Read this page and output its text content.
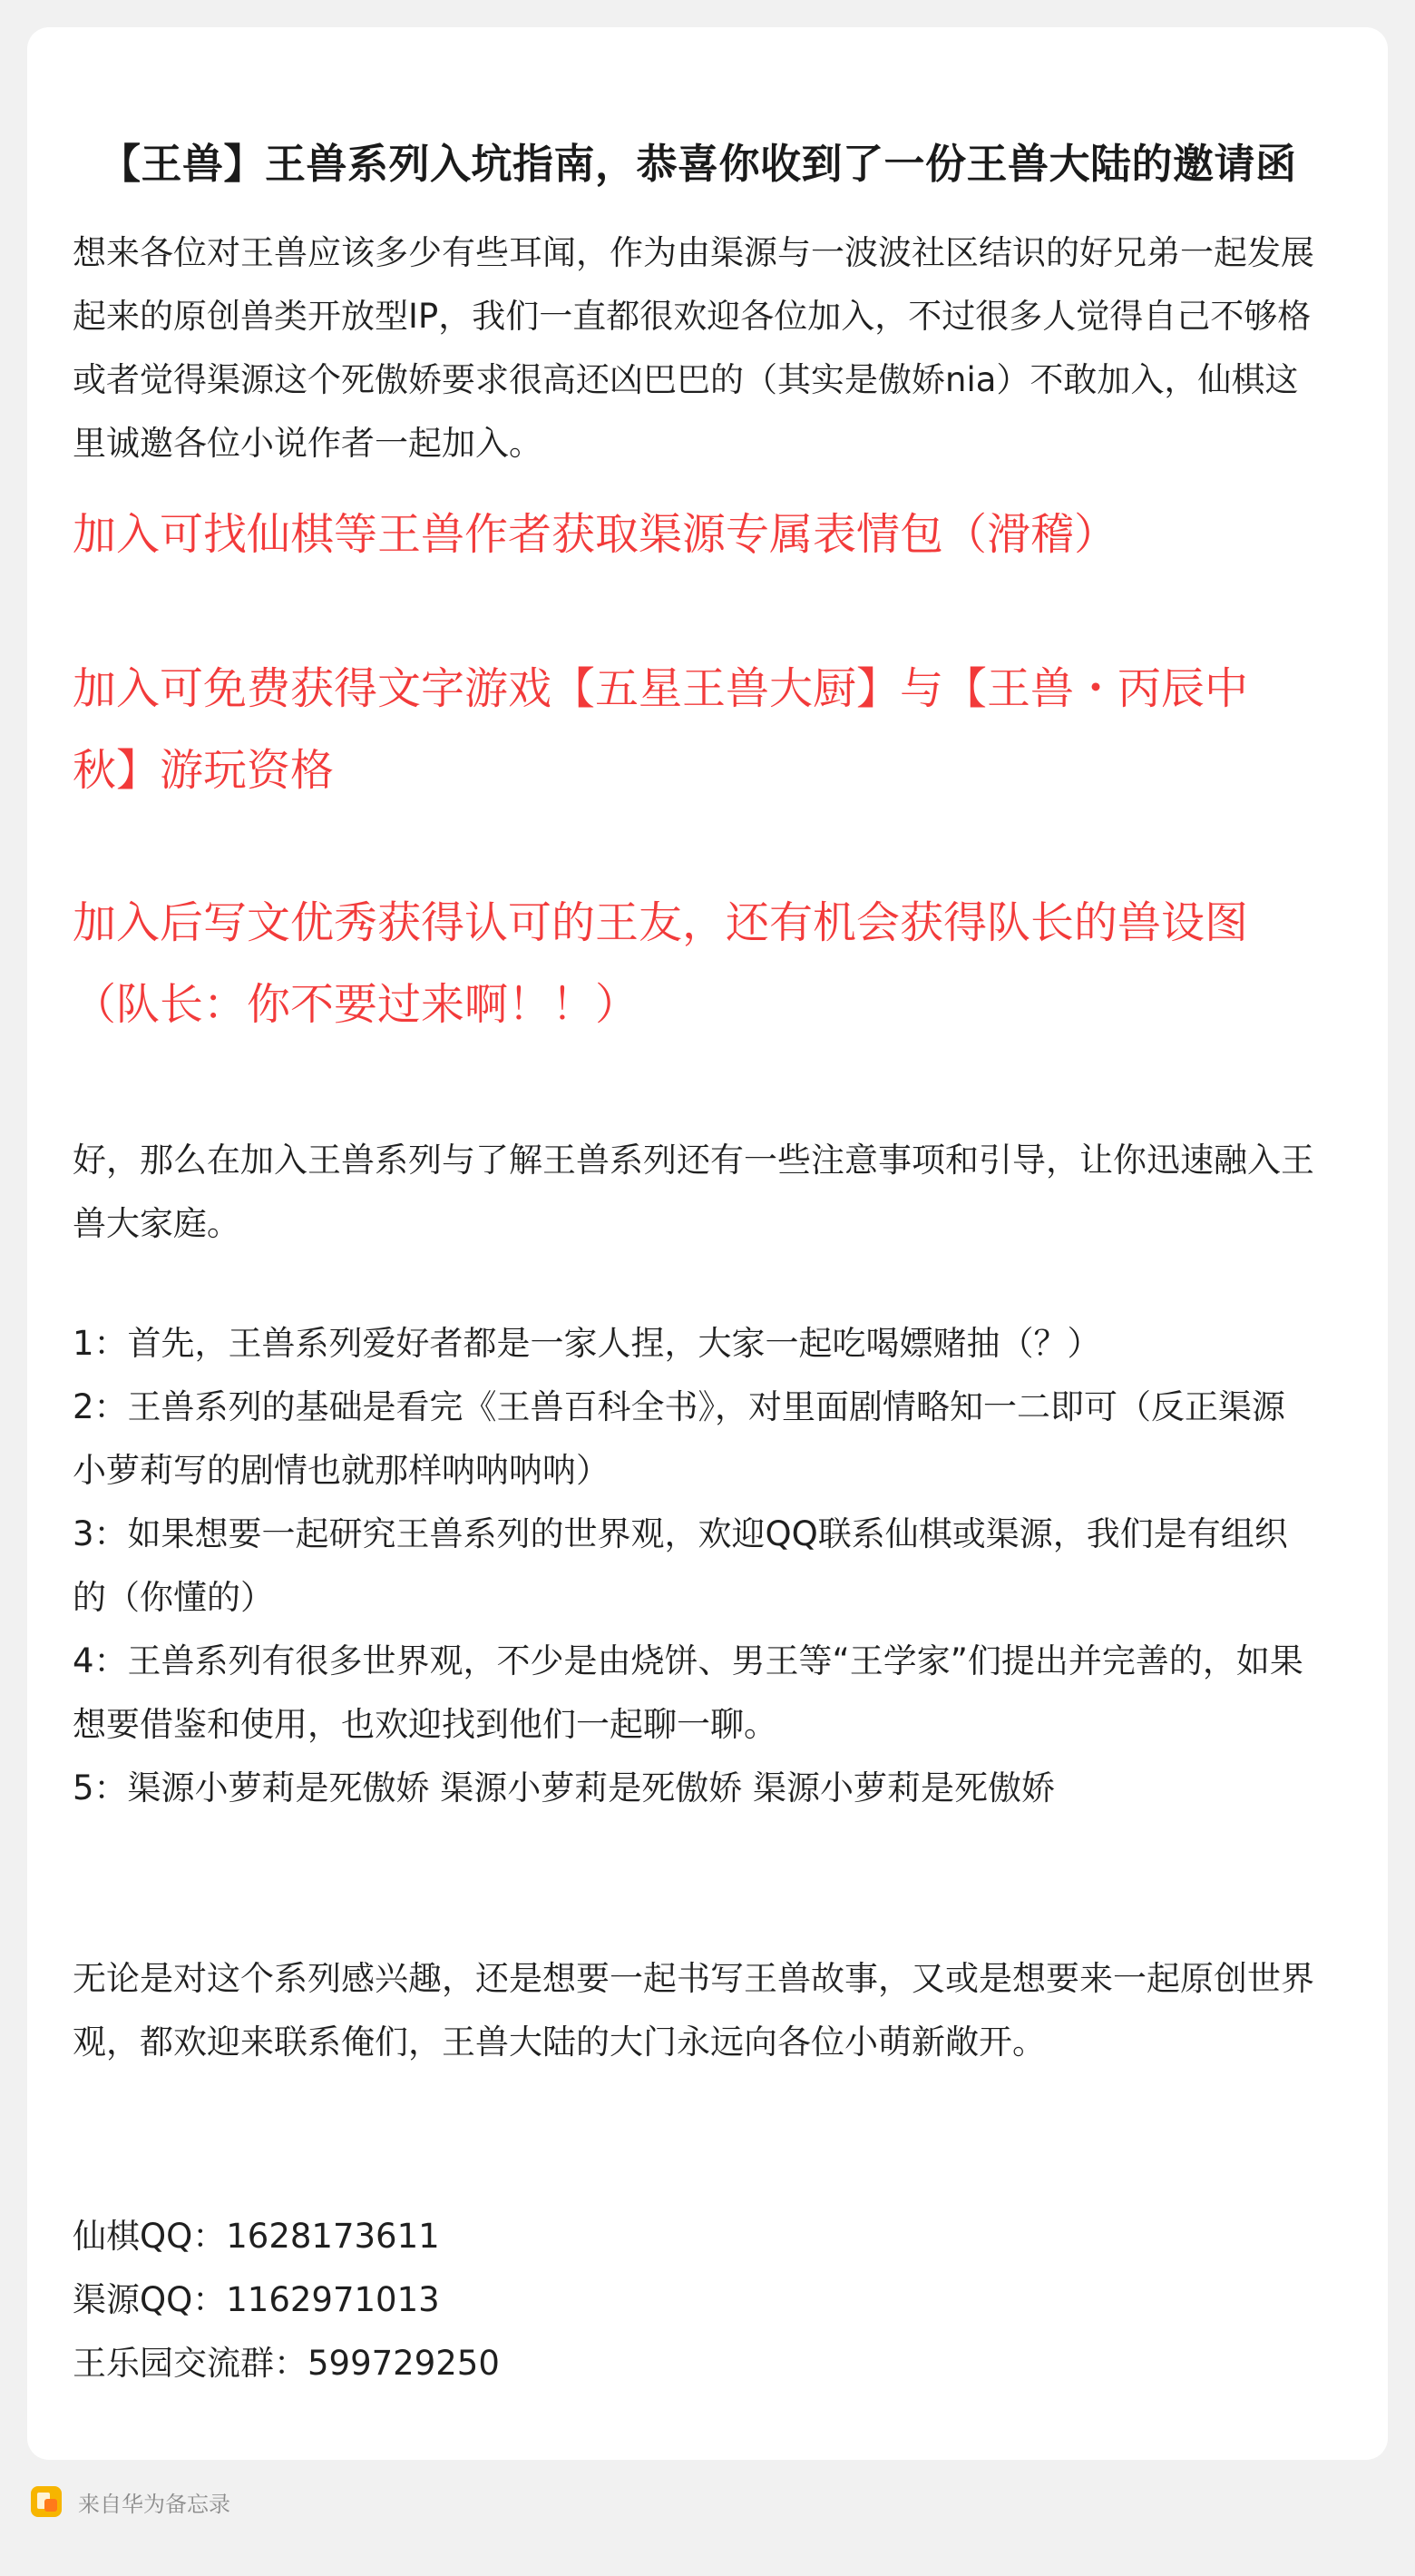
【王兽】王兽系列入坑指南，恭喜你收到了一份王兽大陆的邀请函

想来各位对王兽应该多少有些耳闻，作为由渠源与一波波社区结识的好兄弟一起发展

起来的原创兽类开放型IP，我们一直都很欢迎各位加入，不过很多人觉得自己不够格

或者觉得渠源这个死傲娇要求很高还凶巴巴的（其实是傲娇nia）不敢加入，仙棋这

里诚邀各位小说作者一起加入。

加入可找仙棋等王兽作者获取渠源专属表情包（滑稽）

加入可免费获得文字游戏【五星王兽大厨】与【王兽・丙辰中

秋】游玩资格

加入后写文优秀获得认可的王友，还有机会获得队长的兽设图

（队长：你不要过来啊！！）

好，那么在加入王兽系列与了解王兽系列还有一些注意事项和引导，让你迅速融入王

兽大家庭。

1：首先，王兽系列爱好者都是一家人捏，大家一起吃喝嫖赌抽（？）

2：王兽系列的基础是看完《王兽百科全书》，对里面剧情略知一二即可（反正渠源

小萝莉写的剧情也就那样呐呐呐呐）

3：如果想要一起研究王兽系列的世界观，欢迎QQ联系仙棋或渠源，我们是有组织

的（你懂的）

4：王兽系列有很多世界观，不少是由烧饼、男王等“王学家”们提出并完善的，如果

想要借鉴和使用，也欢迎找到他们一起聊一聊。

5：渠源小萝莉是死傲娇 渠源小萝莉是死傲娇 渠源小萝莉是死傲娇

无论是对这个系列感兴趣，还是想要一起书写王兽故事，又或是想要来一起原创世界

观，都欢迎来联系俺们，王兽大陆的大门永远向各位小萌新敞开。

仙棋QQ：1628173611

渠源QQ：1162971013

王乐园交流群：599729250

来自华为备忘录
